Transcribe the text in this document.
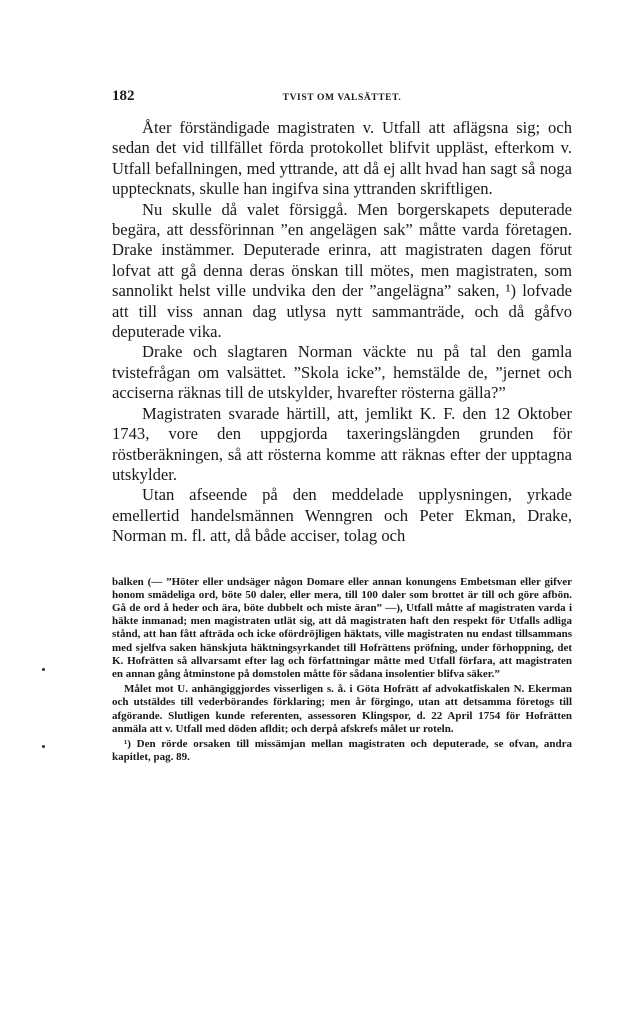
182	TVIST OM VALSÄTTET.

Åter förständigade magistraten v. Utfall att aflägsna sig; och sedan det vid tillfället förda protokollet blifvit uppläst, efterkom v. Utfall befallningen, med yttrande, att då ej allt hvad han sagt så noga upptecknats, skulle han ingifva sina yttranden skriftligen.

Nu skulle då valet försiggå. Men borgerskapets deputerade begära, att dessförinnan ”en angelägen sak” måtte varda företagen. Drake instämmer. Deputerade erinra, att magistraten dagen förut lofvat att gå denna deras önskan till mötes, men magistraten, som sannolikt helst ville undvika den der ”angelägna” saken, ¹) lofvade att till viss annan dag utlysa nytt sammanträde, och då gåfvo deputerade vika.

Drake och slagtaren Norman väckte nu på tal den gamla tvistefrågan om valsättet. ”Skola icke”, hemstälde de, ”jernet och acciserna räknas till de utskylder, hvarefter rösterna gälla?”

Magistraten svarade härtill, att, jemlikt K. F. den 12 Oktober 1743, vore den uppgjorda taxeringslängden grunden för röstberäkningen, så att rösterna komme att räknas efter der upptagna utskylder.

Utan afseende på den meddelade upplysningen, yrkade emellertid handelsmännen Wenngren och Peter Ekman, Drake, Norman m. fl. att, då både acciser, tolag och

balken (— ”Höter eller undsäger någon Domare eller annan konungens Embetsman eller gifver honom smädeliga ord, böte 50 daler, eller mera, till 100 daler som brottet är till och göre afbön. Gå de ord å heder och ära, böte dubbelt och miste äran” —), Utfall måtte af magistraten varda i häkte inmanad; men magistraten utlät sig, att då magistraten haft den respekt för Utfalls adliga stånd, att han fått afträda och icke ofördröjligen häktats, ville magistraten nu endast tillsammans med sjelfva saken hänskjuta häktningsyrkandet till Hofrättens pröfning, under förhoppning, det K. Hofrätten så allvarsamt efter lag och författningar måtte med Utfall förfara, att magistraten en annan gång åtminstone på domstolen måtte för sådana insolentier blifva säker.”

Målet mot U. anhängiggjordes visserligen s. å. i Göta Hofrätt af advokatfiskalen N. Ekerman och utstäldes till vederbörandes förklaring; men år förgingo, utan att detsamma företogs till afgörande. Slutligen kunde referenten, assessoren Klingspor, d. 22 April 1754 för Hofrätten anmäla att v. Utfall med döden afldit; och derpå afskrefs målet ur roteln.

¹) Den rörde orsaken till missämjan mellan magistraten och deputerade, se ofvan, andra kapitlet, pag. 89.
